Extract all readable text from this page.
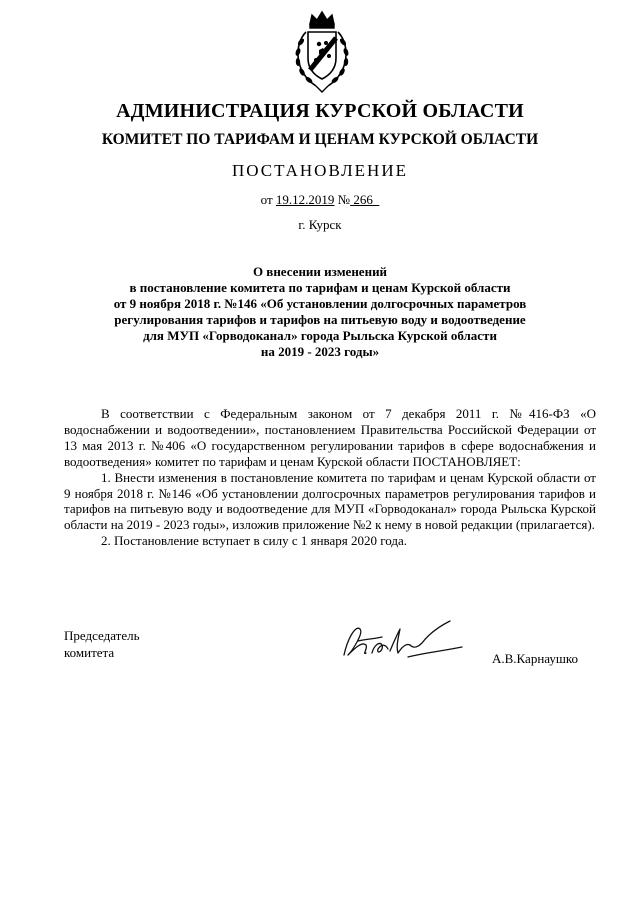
АДМИНИСТРАЦИЯ КУРСКОЙ ОБЛАСТИ
КОМИТЕТ ПО ТАРИФАМ И ЦЕНАМ КУРСКОЙ ОБЛАСТИ
ПОСТАНОВЛЕНИЕ
от 19.12.2019 № 266
г. Курск
О внесении изменений
в постановление комитета по тарифам и ценам Курской области
от 9 ноября 2018 г. №146 «Об установлении долгосрочных параметров
регулирования тарифов и тарифов на питьевую воду и водоотведение
для МУП «Горводоканал» города Рыльска Курской области
на 2019 - 2023 годы»

В соответствии с Федеральным законом от 7 декабря 2011 г. №416-ФЗ «О водоснабжении и водоотведении», постановлением Правительства Российской Федерации от 13 мая 2013 г. №406 «О государственном регулировании тарифов в сфере водоснабжения и водоотведения» комитет по тарифам и ценам Курской области ПОСТАНОВЛЯЕТ:

1. Внести изменения в постановление комитета по тарифам и ценам Курской области от 9 ноября 2018 г. №146 «Об установлении долгосрочных параметров регулирования тарифов и тарифов на питьевую воду и водоотведение для МУП «Горводоканал» города Рыльска Курской области на 2019 - 2023 годы», изложив приложение №2 к нему в новой редакции (прилагается).

2. Постановление вступает в силу с 1 января 2020 года.

Председатель
комитета	А.В.Карнаушко
